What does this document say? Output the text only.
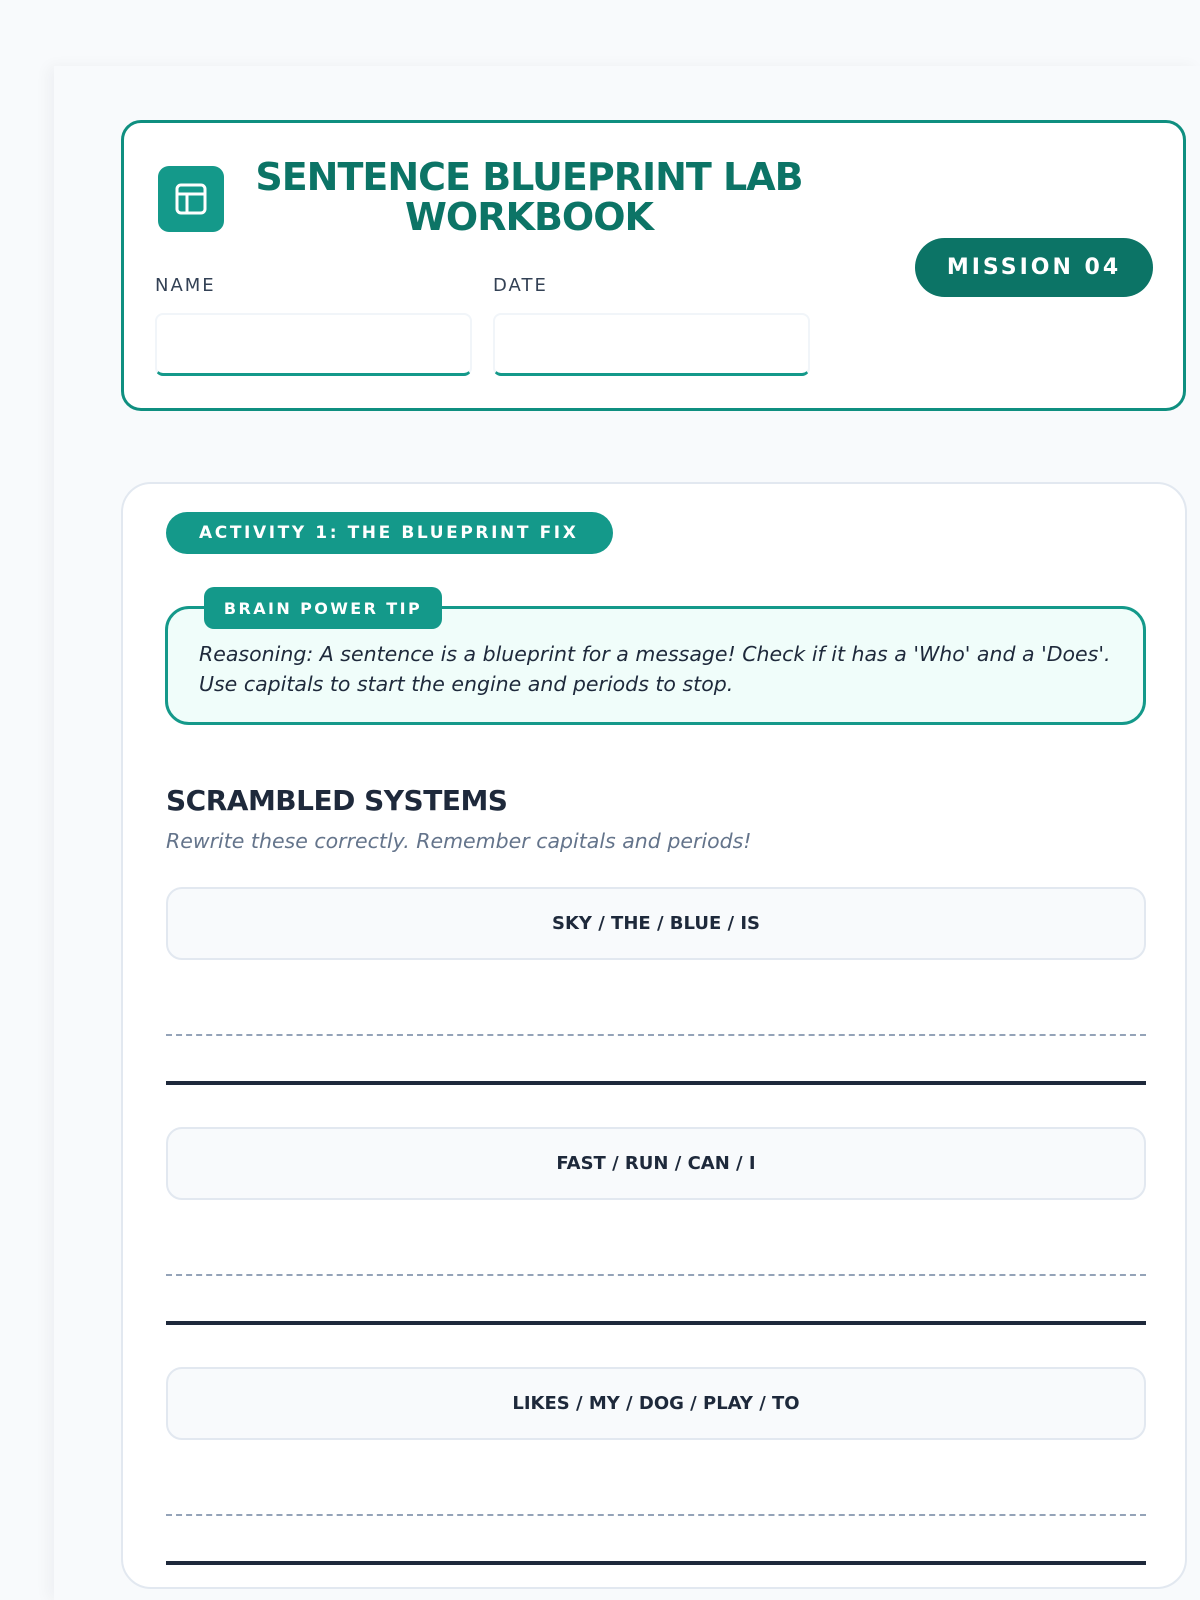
SENTENCE BLUEPRINT LAB
WORKBOOK
NAME	DATE
MISSION 04
ACTIVITY 1: THE BLUEPRINT FIX

Reasoning: A sentence is a blueprint for a message! Check if it has a 'Who' and a 'Does'. Use capitals to start the engine and periods to stop.

BRAIN POWER TIP
SCRAMBLED SYSTEMS

Rewrite these correctly. Remember capitals and periods!

SKY / THE / BLUE / IS
FAST / RUN / CAN / I
LIKES / MY / DOG / PLAY / TO
